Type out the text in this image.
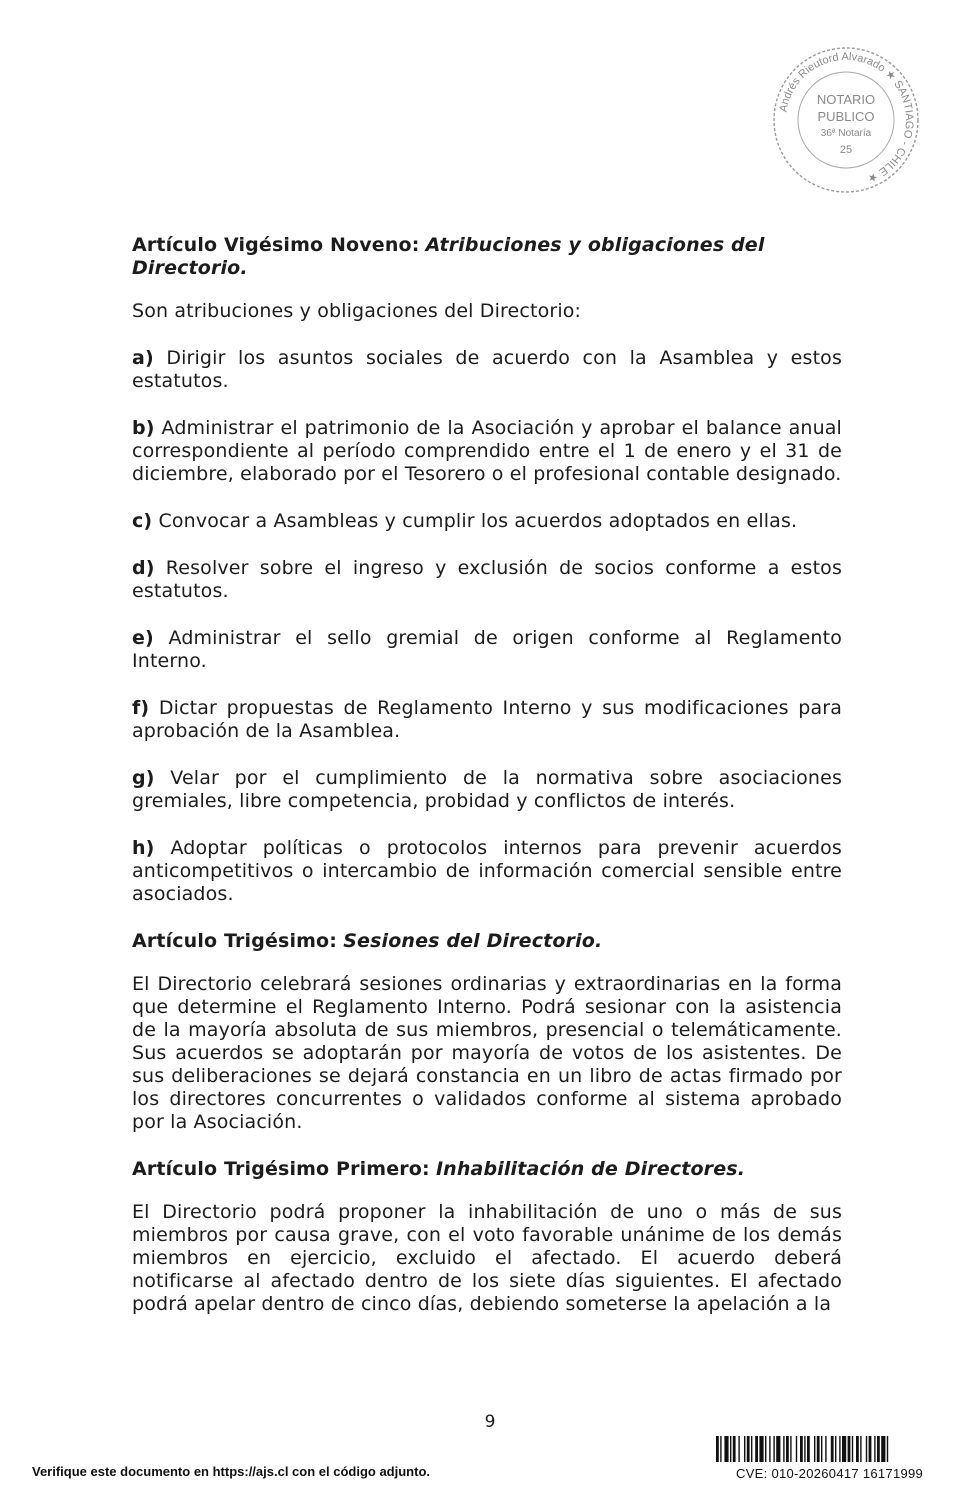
Andrés Rieutord Alvarado ★ SANTIAGO - CHILE ★
NOTARIO
PUBLICO
36ª Notaría
25

Artículo Vigésimo Noveno: Atribuciones y obligaciones del Directorio.

Son atribuciones y obligaciones del Directorio:

a) Dirigir los asuntos sociales de acuerdo con la Asamblea y estos estatutos.

b) Administrar el patrimonio de la Asociación y aprobar el balance anual correspondiente al período comprendido entre el 1 de enero y el 31 de diciembre, elaborado por el Tesorero o el profesional contable designado.

c) Convocar a Asambleas y cumplir los acuerdos adoptados en ellas.

d) Resolver sobre el ingreso y exclusión de socios conforme a estos estatutos.

e) Administrar el sello gremial de origen conforme al Reglamento Interno.

f) Dictar propuestas de Reglamento Interno y sus modificaciones para aprobación de la Asamblea.

g) Velar por el cumplimiento de la normativa sobre asociaciones gremiales, libre competencia, probidad y conflictos de interés.

h) Adoptar políticas o protocolos internos para prevenir acuerdos anticompetitivos o intercambio de información comercial sensible entre asociados.

Artículo Trigésimo: Sesiones del Directorio.

El Directorio celebrará sesiones ordinarias y extraordinarias en la forma que determine el Reglamento Interno. Podrá sesionar con la asistencia de la mayoría absoluta de sus miembros, presencial o telemáticamente. Sus acuerdos se adoptarán por mayoría de votos de los asistentes. De sus deliberaciones se dejará constancia en un libro de actas firmado por los directores concurrentes o validados conforme al sistema aprobado por la Asociación.

Artículo Trigésimo Primero: Inhabilitación de Directores.

El Directorio podrá proponer la inhabilitación de uno o más de sus miembros por causa grave, con el voto favorable unánime de los demás miembros en ejercicio, excluido el afectado. El acuerdo deberá notificarse al afectado dentro de los siete días siguientes. El afectado podrá apelar dentro de cinco días, debiendo someterse la apelación a la

9
Verifique este documento en https://ajs.cl con el código adjunto.	CVE: 010-20260417 16171999
